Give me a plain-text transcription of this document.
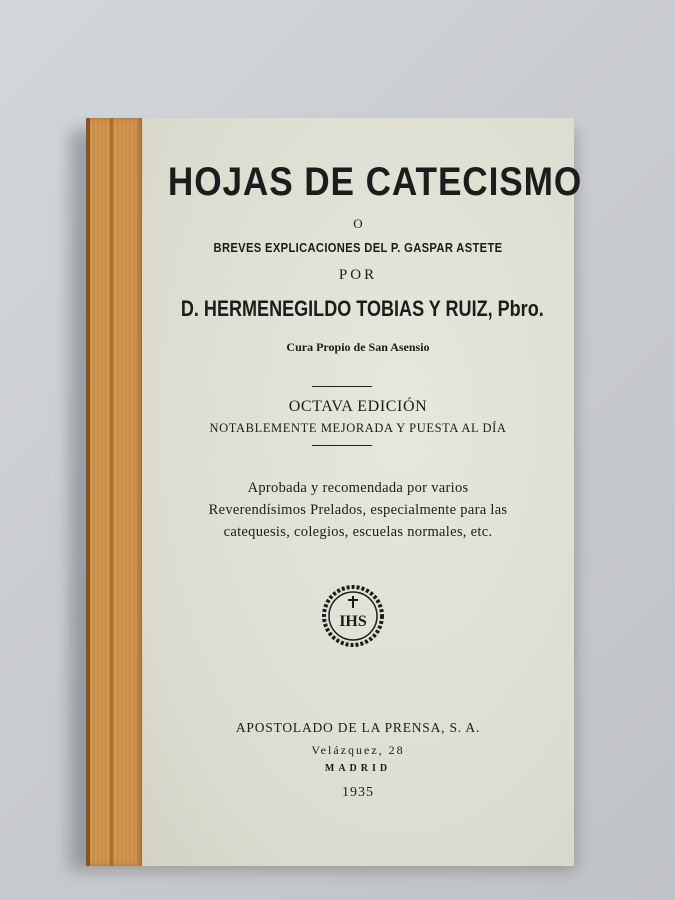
HOJAS DE CATECISMO
O
BREVES EXPLICACIONES DEL P. GASPAR ASTETE
POR
D. HERMENEGILDO TOBIAS Y RUIZ, Pbro.
Cura Propio de San Asensio
OCTAVA EDICIÓN
NOTABLEMENTE MEJORADA Y PUESTA AL DÍA
Aprobada y recomendada por varios
Reverendísimos Prelados, especialmente para las
catequesis, colegios, escuelas normales, etc.
IHS
APOSTOLADO DE LA PRENSA, S. A.
Velázquez, 28
MADRID
1935
